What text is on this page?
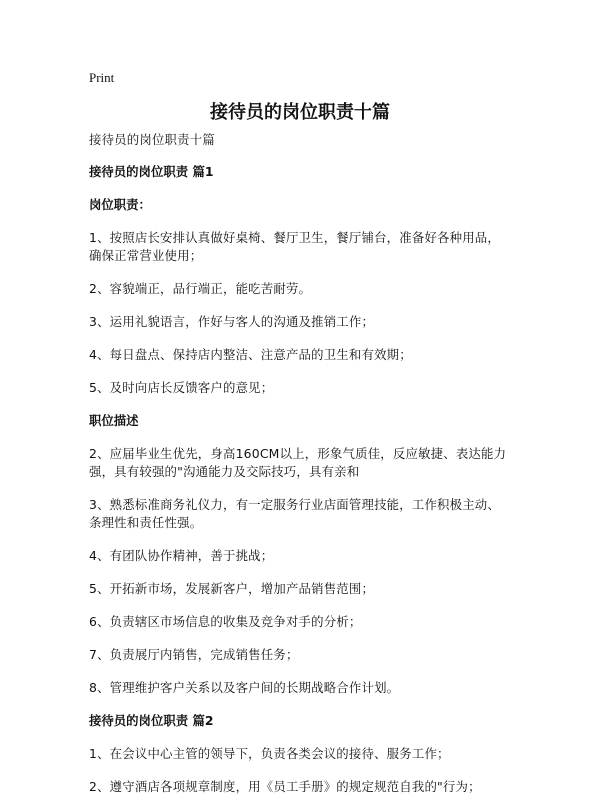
Print
接待员的岗位职责十篇
接待员的岗位职责十篇
接待员的岗位职责 篇1
岗位职责：
1、按照店长安排认真做好桌椅、餐厅卫生，餐厅铺台，准备好各种用品，确保正常营业使用；
2、容貌端正，品行端正，能吃苦耐劳。
3、运用礼貌语言，作好与客人的沟通及推销工作；
4、每日盘点、保持店内整洁、注意产品的卫生和有效期；
5、及时向店长反馈客户的意见；
职位描述
2、应届毕业生优先，身高160CM以上，形象气质佳，反应敏捷、表达能力强，具有较强的"沟通能力及交际技巧，具有亲和
3、熟悉标准商务礼仪力，有一定服务行业店面管理技能，工作积极主动、条理性和责任性强。
4、有团队协作精神，善于挑战；
5、开拓新市场，发展新客户，增加产品销售范围；
6、负责辖区市场信息的收集及竞争对手的分析；
7、负责展厅内销售，完成销售任务；
8、管理维护客户关系以及客户间的长期战略合作计划。
接待员的岗位职责 篇2
1、在会议中心主管的领导下，负责各类会议的接待、服务工作；
2、遵守酒店各项规章制度，用《员工手册》的规定规范自我的"行为；
